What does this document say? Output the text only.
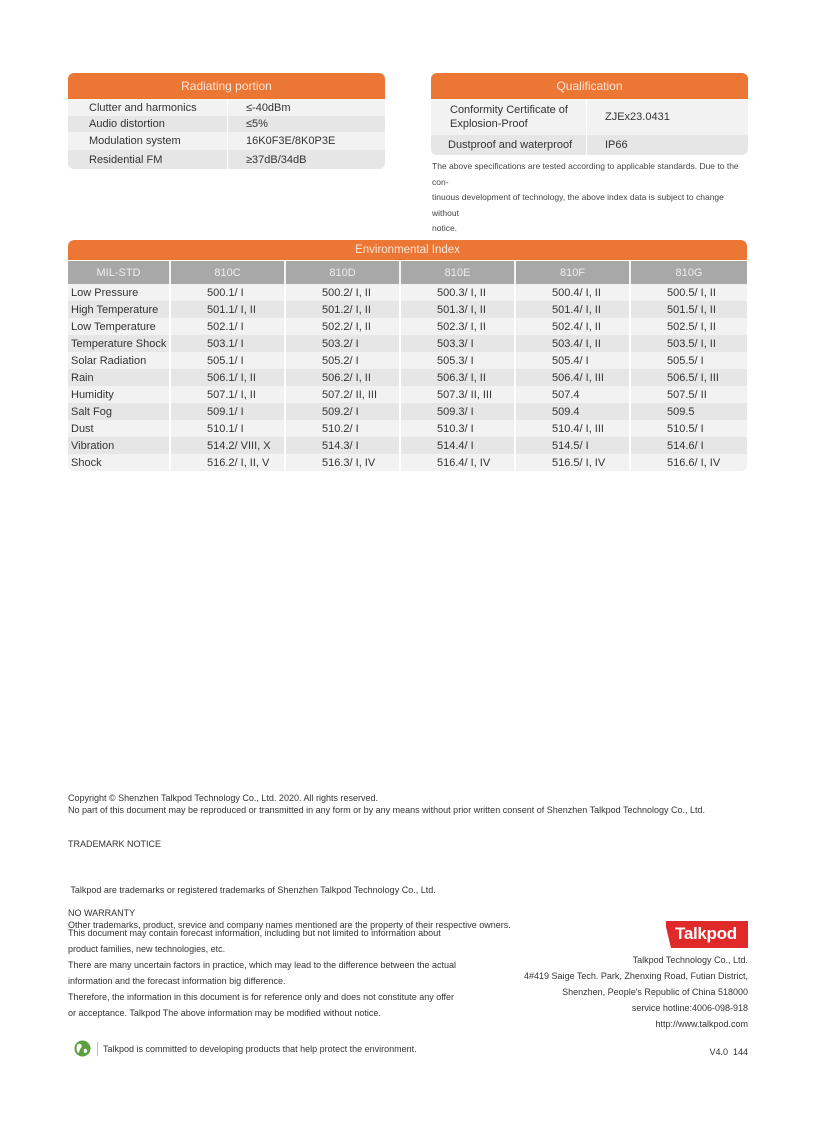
Radiating portion
Clutter and harmonics	≤-40dBm
Audio distortion	≤5%
Modulation system	16K0F3E/8K0P3E
Residential FM	≥37dB/34dB
Qualification
Conformity Certificate of Explosion-Proof	ZJEx23.0431
Dustproof and waterproof	IP66
The above specifications are tested according to applicable standards. Due to the con-
tinuous development of technology, the above index data is subject to change without
notice.
Environmental Index
MIL-STD	810C	810D	810E	810F	810G
Low Pressure	500.1/ I	500.2/ I, II	500.3/ I, II	500.4/ I, II	500.5/ I, II
High Temperature	501.1/ I, II	501.2/ I, II	501.3/ I, II	501.4/ I, II	501.5/ I, II
Low Temperature	502.1/ I	502.2/ I, II	502.3/ I, II	502.4/ I, II	502.5/ I, II
Temperature Shock	503.1/ I	503.2/ I	503.3/ I	503.4/ I, II	503.5/ I, II
Solar Radiation	505.1/ I	505.2/ I	505.3/ I	505.4/ I	505.5/ I
Rain	506.1/ I, II	506.2/ I, II	506.3/ I, II	506.4/ I, III	506.5/ I, III
Humidity	507.1/ I, II	507.2/ II, III	507.3/ II, III	507.4	507.5/ II
Salt Fog	509.1/ I	509.2/ I	509.3/ I	509.4	509.5
Dust	510.1/ I	510.2/ I	510.3/ I	510.4/ I, III	510.5/ I
Vibration	514.2/ VIII, X	514.3/ I	514.4/ I	514.5/ I	514.6/ I
Shock	516.2/ I, II, V	516.3/ I, IV	516.4/ I, IV	516.5/ I, IV	516.6/ I, IV
Copyright © Shenzhen Talkpod Technology Co., Ltd. 2020. All rights reserved.
No part of this document may be reproduced or transmitted in any form or by any means without prior written consent of Shenzhen Talkpod Technology Co., Ltd.
TRADEMARK NOTICE

Talkpod are trademarks or registered trademarks of Shenzhen Talkpod Technology Co., Ltd.

Other trademarks, product, srevice and company names mentioned are the property of their respective owners.

NO WARRANTY
This document may contain forecast information, including but not limited to information about
product families, new technologies, etc.
There are many uncertain factors in practice, which may lead to the difference between the actual
information and the forecast information big difference.
Therefore, the information in this document is for reference only and does not constitute any offer
or acceptance. Talkpod The above information may be modified without notice.
Talkpod is committed to developing products that help protect the environment.
Talkpod
Talkpod Technology Co., Ltd.
4#419 Saige Tech. Park, Zhenxing Road, Futian District,
Shenzhen, People's Republic of China 518000
service hotline:4006-098-918
http://www.talkpod.com
V4.0  144
